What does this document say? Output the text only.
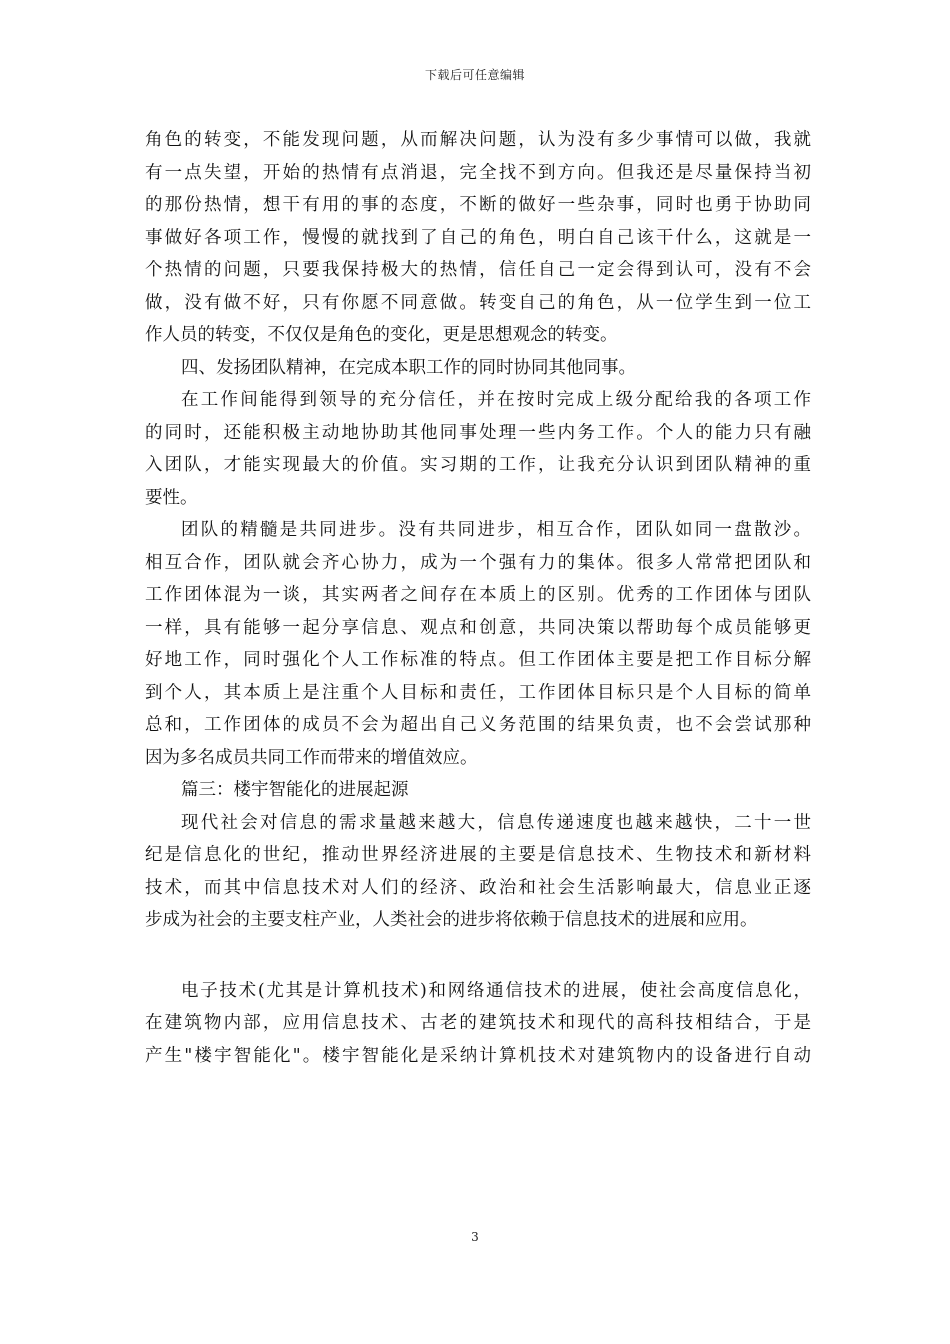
下载后可任意编辑
角色的转变，不能发现问题，从而解决问题，认为没有多少事情可以做，我就
有一点失望，开始的热情有点消退，完全找不到方向。但我还是尽量保持当初
的那份热情，想干有用的事的态度，不断的做好一些杂事，同时也勇于协助同
事做好各项工作，慢慢的就找到了自己的角色，明白自己该干什么，这就是一
个热情的问题，只要我保持极大的热情，信任自己一定会得到认可，没有不会
做，没有做不好，只有你愿不同意做。转变自己的角色，从一位学生到一位工
作人员的转变，不仅仅是角色的变化，更是思想观念的转变。
四、发扬团队精神，在完成本职工作的同时协同其他同事。
在工作间能得到领导的充分信任，并在按时完成上级分配给我的各项工作
的同时，还能积极主动地协助其他同事处理一些内务工作。个人的能力只有融
入团队，才能实现最大的价值。实习期的工作，让我充分认识到团队精神的重
要性。
团队的精髓是共同进步。没有共同进步，相互合作，团队如同一盘散沙。
相互合作，团队就会齐心协力，成为一个强有力的集体。很多人常常把团队和
工作团体混为一谈，其实两者之间存在本质上的区别。优秀的工作团体与团队
一样，具有能够一起分享信息、观点和创意，共同决策以帮助每个成员能够更
好地工作，同时强化个人工作标准的特点。但工作团体主要是把工作目标分解
到个人，其本质上是注重个人目标和责任，工作团体目标只是个人目标的简单
总和，工作团体的成员不会为超出自己义务范围的结果负责，也不会尝试那种
因为多名成员共同工作而带来的增值效应。
篇三：楼宇智能化的进展起源
现代社会对信息的需求量越来越大，信息传递速度也越来越快，二十一世
纪是信息化的世纪，推动世界经济进展的主要是信息技术、生物技术和新材料
技术，而其中信息技术对人们的经济、政治和社会生活影响最大，信息业正逐
步成为社会的主要支柱产业，人类社会的进步将依赖于信息技术的进展和应用。
电子技术(尤其是计算机技术)和网络通信技术的进展，使社会高度信息化，
在建筑物内部，应用信息技术、古老的建筑技术和现代的高科技相结合，于是
产生"楼宇智能化"。楼宇智能化是采纳计算机技术对建筑物内的设备进行自动
3
